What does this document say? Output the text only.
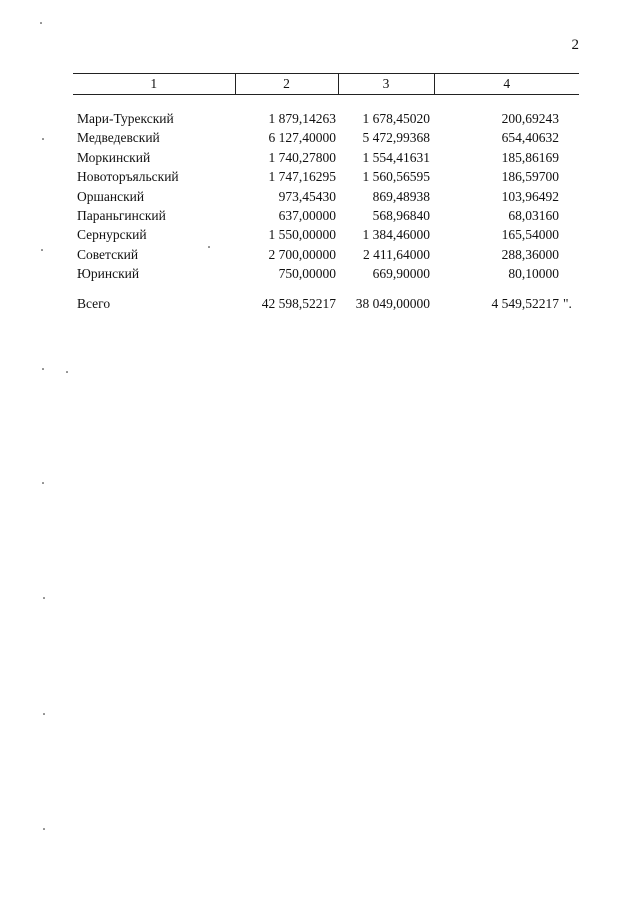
2
1	2	3	4

Мари-Турекский	1 879,14263	1 678,45020	200,69243
Медведевский	6 127,40000	5 472,99368	654,40632
Моркинский	1 740,27800	1 554,41631	185,86169
Новоторъяльский	1 747,16295	1 560,56595	186,59700
Оршанский	973,45430	869,48938	103,96492
Параньгинский	637,00000	568,96840	68,03160
Сернурский	1 550,00000	1 384,46000	165,54000
Советский	2 700,00000	2 411,64000	288,36000
Юринский	750,00000	669,90000	80,10000

Всего	42 598,52217	38 049,00000	4 549,52217 ".
